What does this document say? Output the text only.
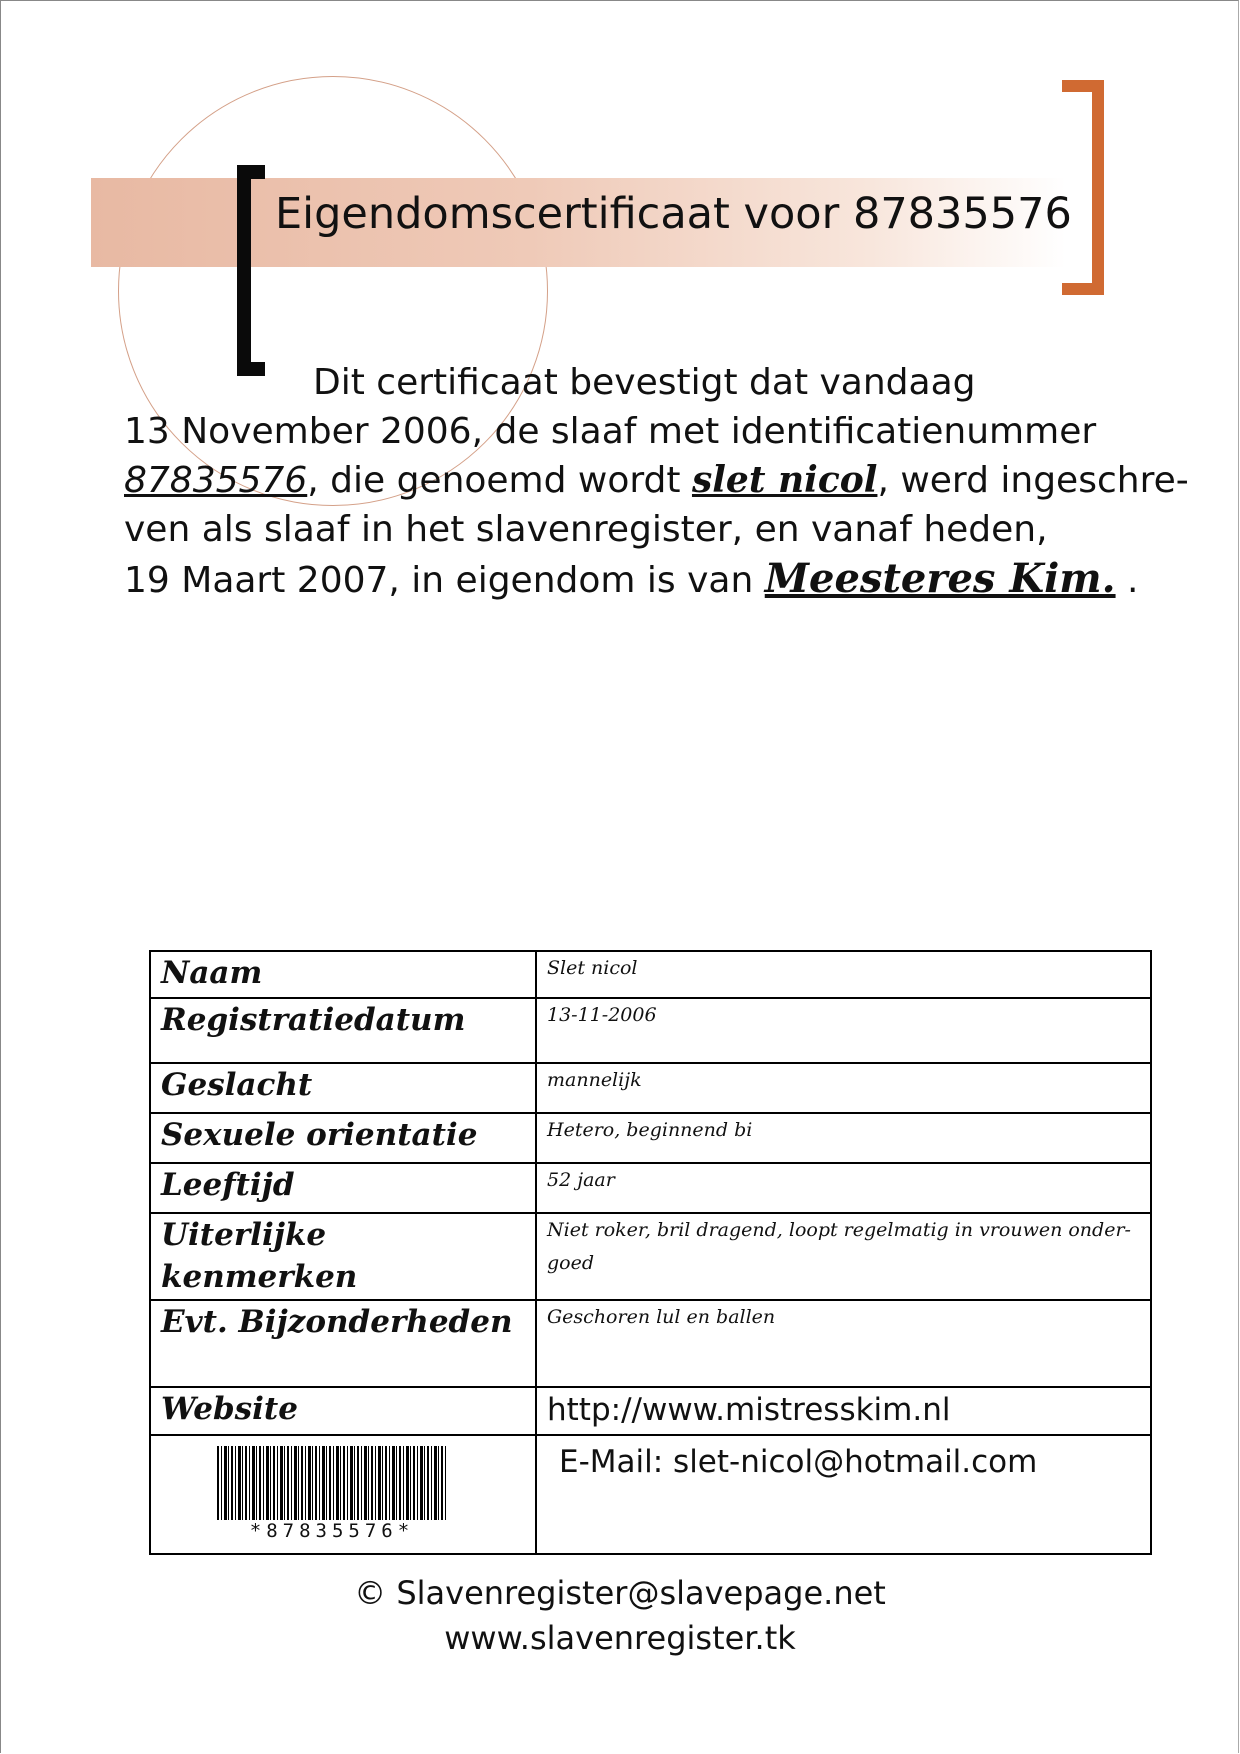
Eigendomscertificaat voor 87835576
Dit certificaat bevestigt dat vandaag
13 November 2006, de slaaf met identificatienummer
87835576, die genoemd wordt slet nicol, werd ingeschre-
ven als slaaf in het slavenregister, en vanaf heden,
19 Maart 2007, in eigendom is van Meesteres Kim. .
Naam	Slet nicol
Registratiedatum	13-11-2006
Geslacht	mannelijk
Sexuele orientatie	Hetero, beginnend bi
Leeftijd	52 jaar
Uiterlijke kenmerken	Niet roker, bril dragend, loopt regelmatig in vrouwen onder- goed
Evt. Bijzonderheden	Geschoren lul en ballen
Website	http://www.mistresskim.nl

*87835576*	E-Mail: slet-nicol@hotmail.com
© Slavenregister@slavepage.net
www.slavenregister.tk
